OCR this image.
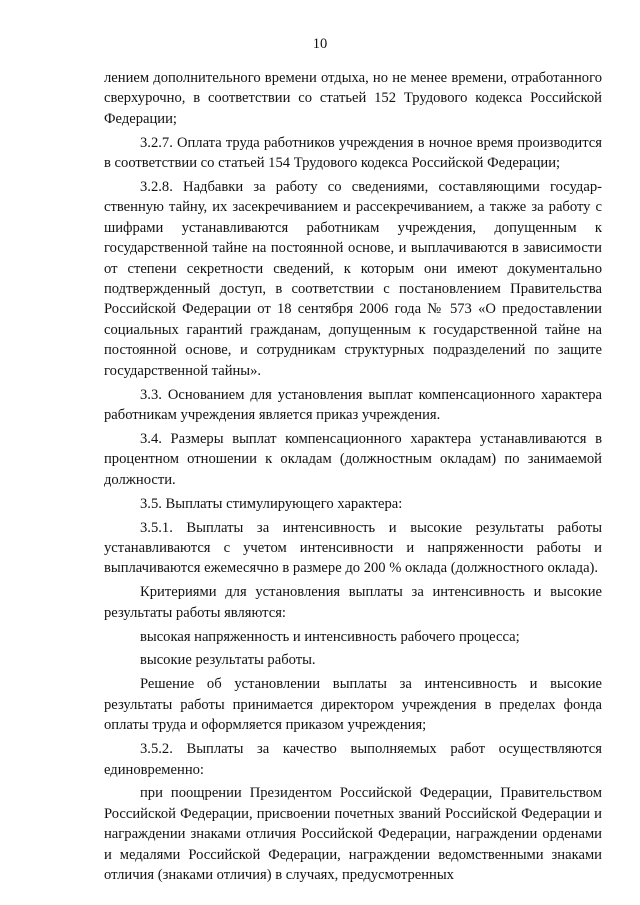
10

лением дополнительного времени отдыха, но не менее времени, отработанного сверхурочно, в соответствии со статьей 152 Трудового кодекса Российской Федерации;

3.2.7. Оплата труда работников учреждения в ночное время производится в соответствии со статьей 154 Трудового кодекса Российской Федерации;

3.2.8. Надбавки за работу со сведениями, составляющими государственную тайну, их засекречиванием и рассекречиванием, а также за работу с шифрами устанавливаются работникам учреждения, допущенным к государственной тайне на постоянной основе, и выплачиваются в зависимости от степени секретности сведений, к которым они имеют документально подтвержденный доступ, в соответствии с постановлением Правительства Российской Федерации от 18 сентября 2006 года № 573 «О предоставлении социальных гарантий гражданам, допущенным к государственной тайне на постоянной основе, и сотрудникам структурных подразделений по защите государственной тайны».

3.3. Основанием для установления выплат компенсационного характера работникам учреждения является приказ учреждения.

3.4. Размеры выплат компенсационного характера устанавливаются в процентном отношении к окладам (должностным окладам) по занимаемой должности.

3.5. Выплаты стимулирующего характера:

3.5.1. Выплаты за интенсивность и высокие результаты работы устанавливаются с учетом интенсивности и напряженности работы и выплачиваются ежемесячно в размере до 200 % оклада (должностного оклада).

Критериями для установления выплаты за интенсивность и высокие результаты работы являются:

высокая напряженность и интенсивность рабочего процесса;

высокие результаты работы.

Решение об установлении выплаты за интенсивность и высокие результаты работы принимается директором учреждения в пределах фонда оплаты труда и оформляется приказом учреждения;

3.5.2. Выплаты за качество выполняемых работ осуществляются единовременно:

при поощрении Президентом Российской Федерации, Правительством Российской Федерации, присвоении почетных званий Российской Федерации и награждении знаками отличия Российской Федерации, награждении орденами и медалями Российской Федерации, награждении ведомственными знаками отличия (знаками отличия) в случаях, предусмотренных
